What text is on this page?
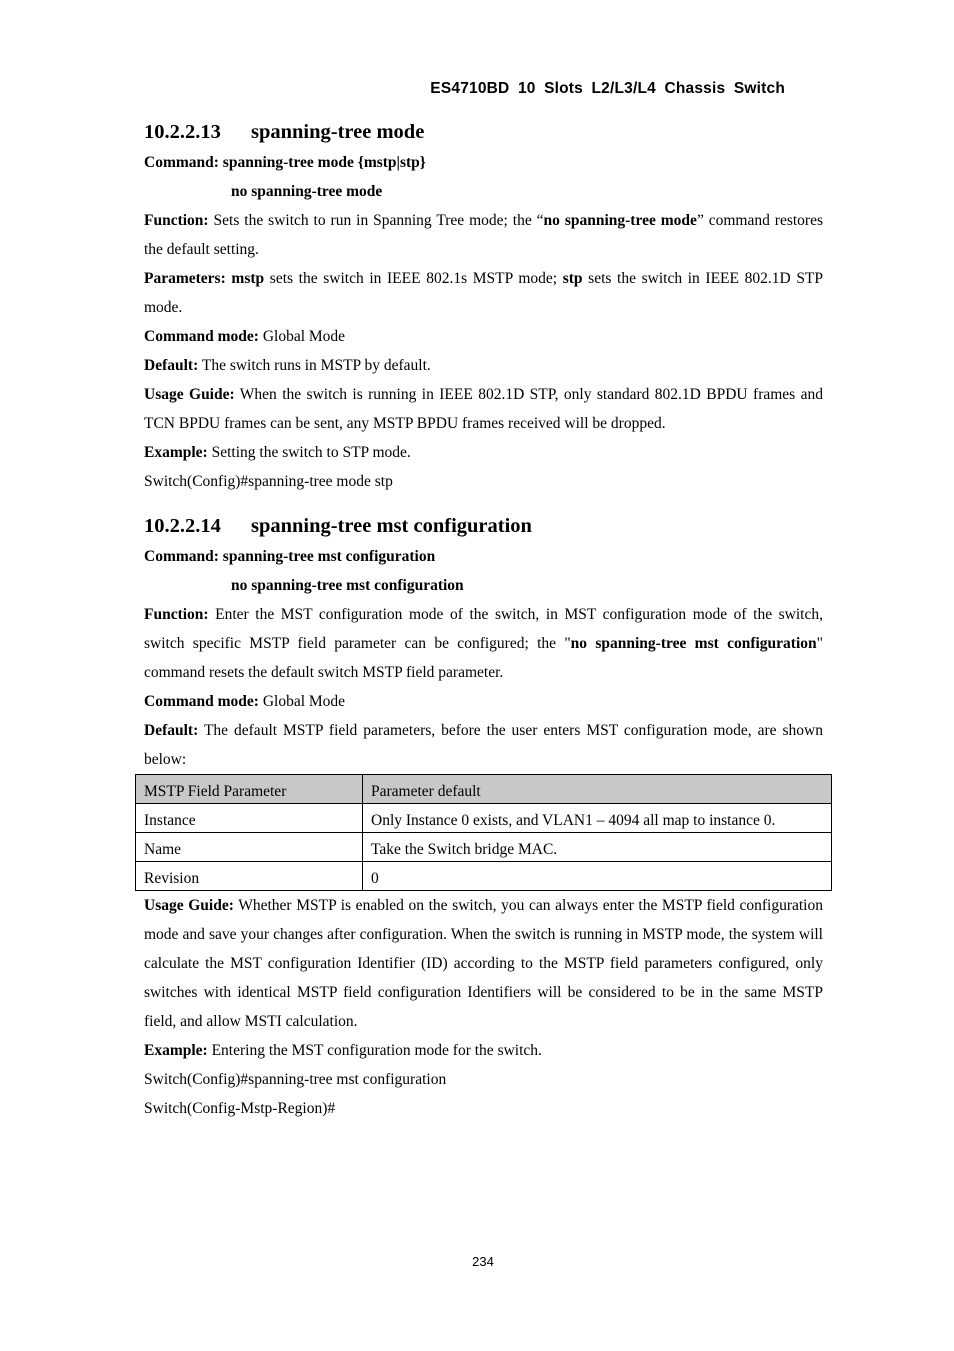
ES4710BD 10 Slots L2/L3/L4 Chassis Switch
10.2.2.13 spanning-tree mode

Command: spanning-tree mode {mstp|stp}

no spanning-tree mode

Function: Sets the switch to run in Spanning Tree mode; the “no spanning-tree mode” command restores the default setting.

Parameters: mstp sets the switch in IEEE 802.1s MSTP mode; stp sets the switch in IEEE 802.1D STP mode.

Command mode: Global Mode

Default: The switch runs in MSTP by default.

Usage Guide: When the switch is running in IEEE 802.1D STP, only standard 802.1D BPDU frames and TCN BPDU frames can be sent, any MSTP BPDU frames received will be dropped.

Example: Setting the switch to STP mode.

Switch(Config)#spanning-tree mode stp

10.2.2.14 spanning-tree mst configuration

Command: spanning-tree mst configuration

no spanning-tree mst configuration

Function: Enter the MST configuration mode of the switch, in MST configuration mode of the switch, switch specific MSTP field parameter can be configured; the "no spanning-tree mst configuration" command resets the default switch MSTP field parameter.

Command mode: Global Mode

Default: The default MSTP field parameters, before the user enters MST configuration mode, are shown below:

MSTP Field Parameter	Parameter default
Instance	Only Instance 0 exists, and VLAN1 – 4094 all map to instance 0.
Name	Take the Switch bridge MAC.
Revision	0

Usage Guide: Whether MSTP is enabled on the switch, you can always enter the MSTP field configuration mode and save your changes after configuration. When the switch is running in MSTP mode, the system will calculate the MST configuration Identifier (ID) according to the MSTP field parameters configured, only switches with identical MSTP field configuration Identifiers will be considered to be in the same MSTP field, and allow MSTI calculation.

Example: Entering the MST configuration mode for the switch.

Switch(Config)#spanning-tree mst configuration

Switch(Config-Mstp-Region)#

234
